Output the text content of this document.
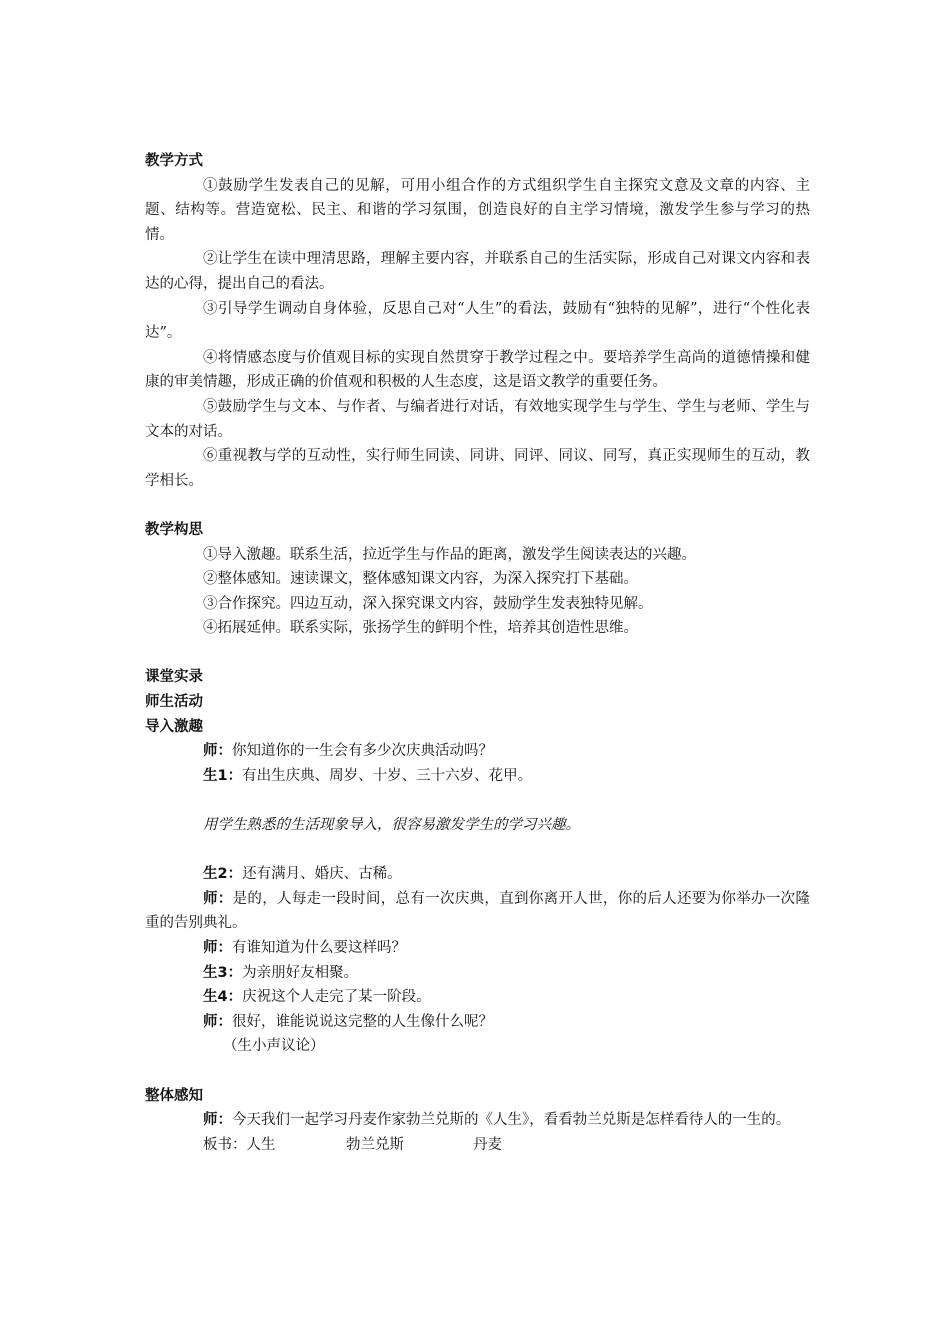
教学方式

①鼓励学生发表自己的见解，可用小组合作的方式组织学生自主探究文意及文章的内容、主题、结构等。营造宽松、民主、和谐的学习氛围，创造良好的自主学习情境，激发学生参与学习的热情。

②让学生在读中理清思路，理解主要内容，并联系自己的生活实际，形成自己对课文内容和表达的心得，提出自己的看法。

③引导学生调动自身体验，反思自己对“人生”的看法，鼓励有“独特的见解”，进行“个性化表达”。

④将情感态度与价值观目标的实现自然贯穿于教学过程之中。要培养学生高尚的道德情操和健康的审美情趣，形成正确的价值观和积极的人生态度，这是语文教学的重要任务。

⑤鼓励学生与文本、与作者、与编者进行对话，有效地实现学生与学生、学生与老师、学生与文本的对话。

⑥重视教与学的互动性，实行师生同读、同讲、同评、同议、同写，真正实现师生的互动，教学相长。

教学构思

①导入激趣。联系生活，拉近学生与作品的距离，激发学生阅读表达的兴趣。

②整体感知。速读课文，整体感知课文内容，为深入探究打下基础。

③合作探究。四边互动，深入探究课文内容，鼓励学生发表独特见解。

④拓展延伸。联系实际，张扬学生的鲜明个性，培养其创造性思维。

课堂实录
师生活动
导入激趣

师：你知道你的一生会有多少次庆典活动吗？

生1：有出生庆典、周岁、十岁、三十六岁、花甲。

用学生熟悉的生活现象导入，很容易激发学生的学习兴趣。

生2：还有满月、婚庆、古稀。

师：是的，人每走一段时间，总有一次庆典，直到你离开人世，你的后人还要为你举办一次隆重的告别典礼。

师：有谁知道为什么要这样吗？

生3：为亲朋好友相聚。

生4：庆祝这个人走完了某一阶段。

师：很好，谁能说说这完整的人生像什么呢？

（生小声议论）

整体感知

师：今天我们一起学习丹麦作家勃兰兑斯的《人生》，看看勃兰兑斯是怎样看待人的一生的。

板书：人生	勃兰兑斯	丹麦
